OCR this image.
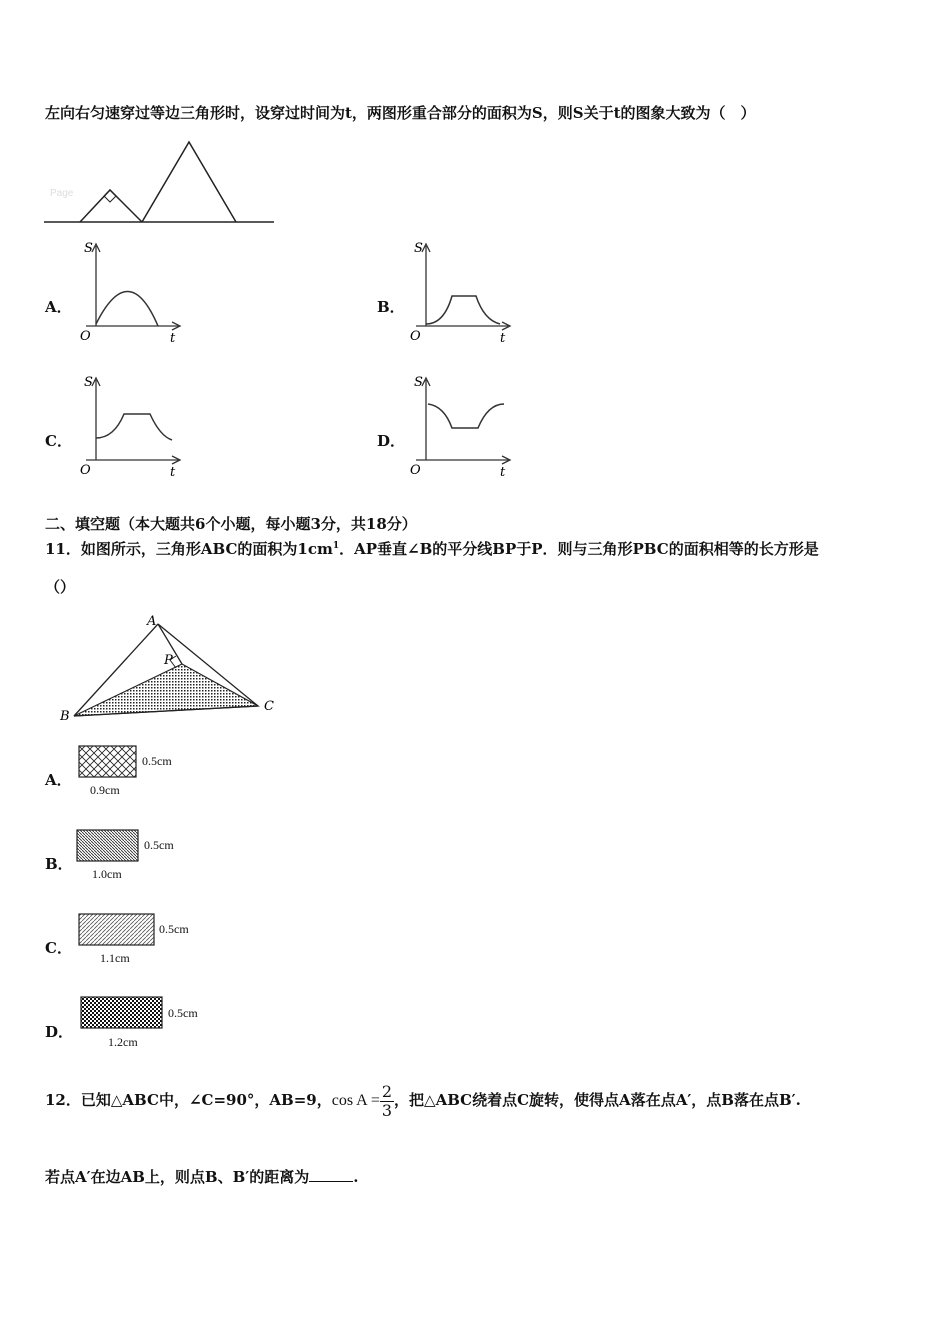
左向右匀速穿过等边三角形时，设穿过时间为t，两图形重合部分的面积为S，则S关于t的图象大致为（　）
Page
A．
S
t
O
B．
S
t
O
C．
S
t
O
D．
S
t
O
二、填空题（本大题共6个小题，每小题3分，共18分）
11．如图所示，三角形ABC的面积为$1cm^1$．AP垂直∠B的平分线BP于P．则与三角形PBC的面积相等的长方形是
（）
A
B
C
P
A．
0.5cm
0.9cm
B．
0.5cm
1.0cm
C．
0.5cm
1.1cm
D．
0.5cm
1.2cm
12．已知△ABC中，∠C=90°，AB=9，$\cos A = \frac{2}{3}$ ，把△ABC绕着点C旋转，使得点A落在点A′，点B落在点B′.
若点A′在边AB上，则点B、B′的距离为	.
